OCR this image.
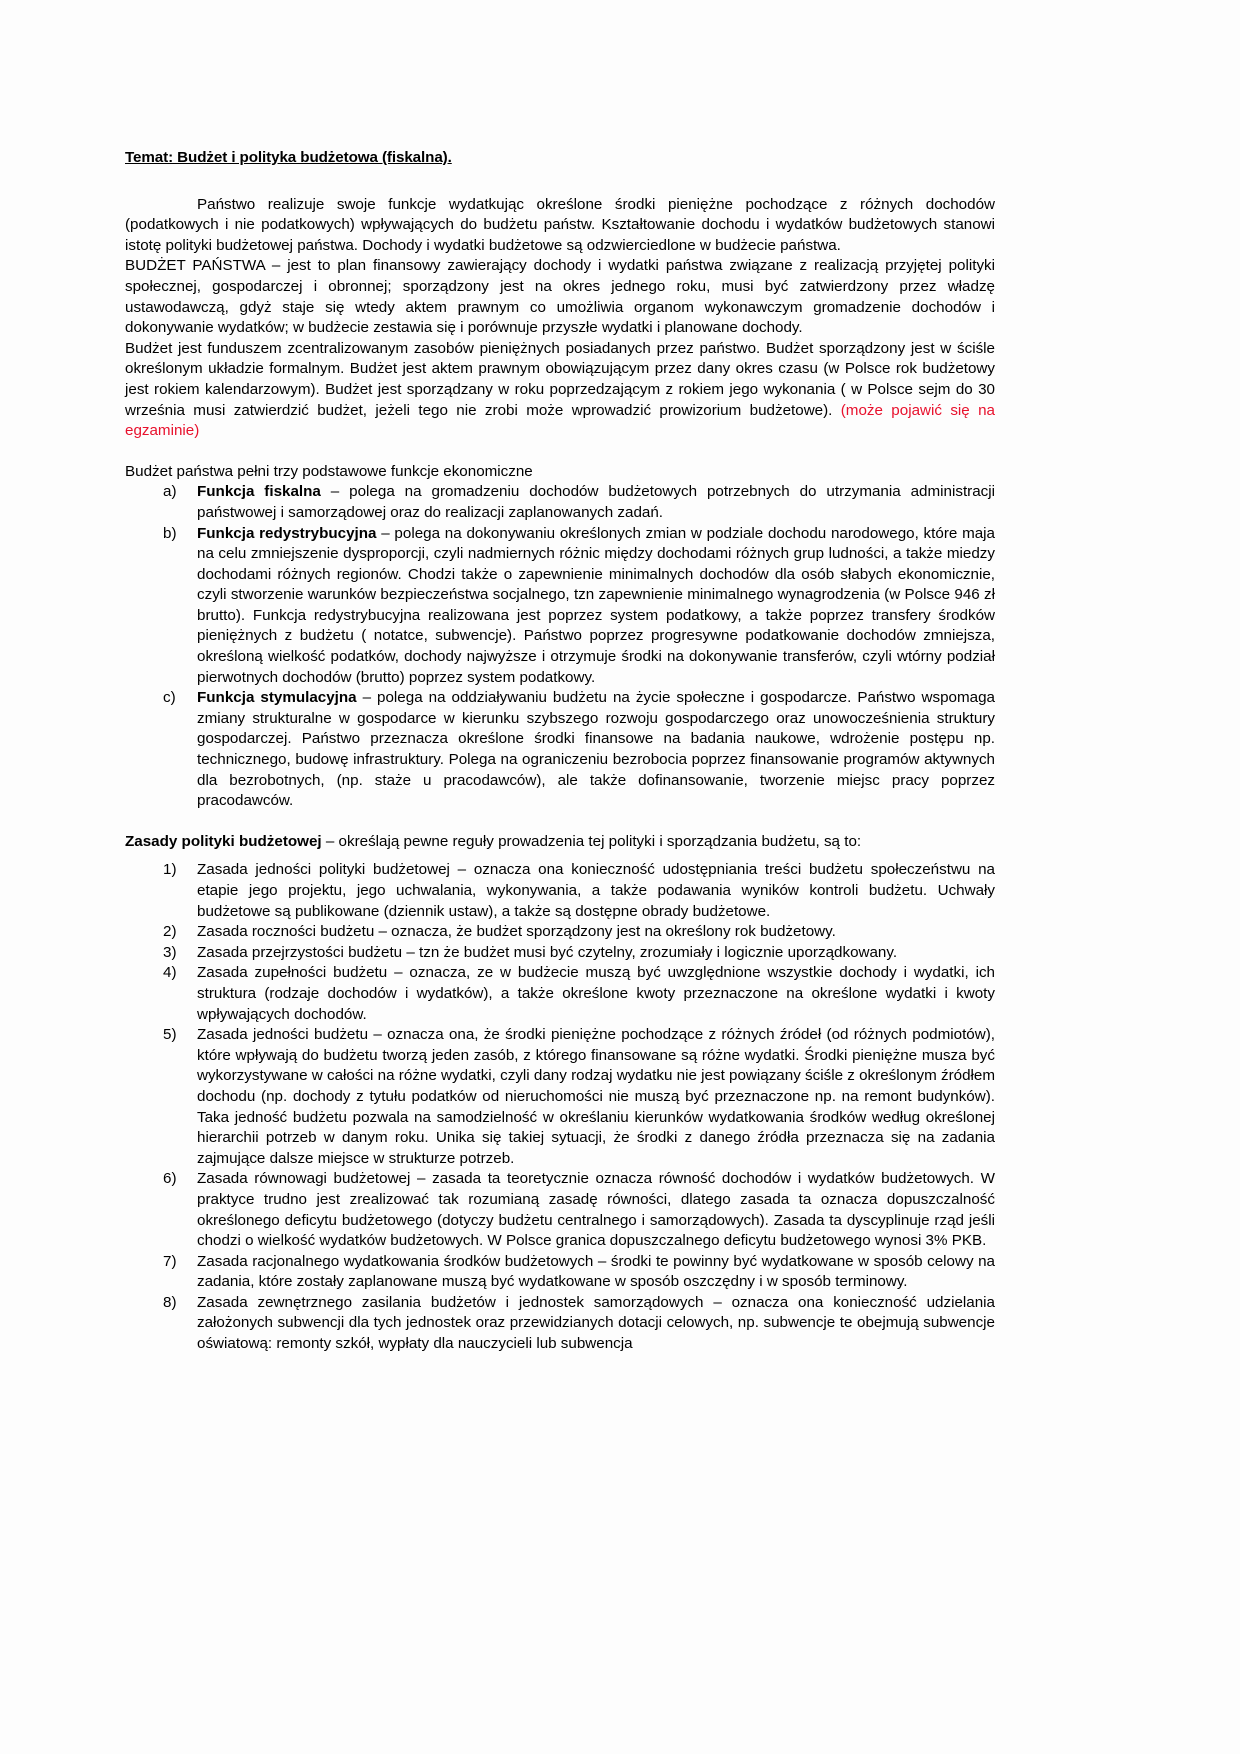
Temat: Budżet i polityka budżetowa (fiskalna).

Państwo realizuje swoje funkcje wydatkując określone środki pieniężne pochodzące z różnych dochodów (podatkowych i nie podatkowych) wpływających do budżetu państw. Kształtowanie dochodu i wydatków budżetowych stanowi istotę polityki budżetowej państwa. Dochody i wydatki budżetowe są odzwierciedlone w budżecie państwa.

BUDŻET PAŃSTWA – jest to plan finansowy zawierający dochody i wydatki państwa związane z realizacją przyjętej polityki społecznej, gospodarczej i obronnej; sporządzony jest na okres jednego roku, musi być zatwierdzony przez władzę ustawodawczą, gdyż staje się wtedy aktem prawnym co umożliwia organom wykonawczym gromadzenie dochodów i dokonywanie wydatków; w budżecie zestawia się i porównuje przyszłe wydatki i planowane dochody.

Budżet jest funduszem zcentralizowanym zasobów pieniężnych posiadanych przez państwo. Budżet sporządzony jest w ściśle określonym układzie formalnym. Budżet jest aktem prawnym obowiązującym przez dany okres czasu (w Polsce rok budżetowy jest rokiem kalendarzowym). Budżet jest sporządzany w roku poprzedzającym z rokiem jego wykonania ( w Polsce sejm do 30 września musi zatwierdzić budżet, jeżeli tego nie zrobi może wprowadzić prowizorium budżetowe). (może pojawić się na egzaminie)

Budżet państwa pełni trzy podstawowe funkcje ekonomiczne

a)	Funkcja fiskalna – polega na gromadzeniu dochodów budżetowych potrzebnych do utrzymania administracji państwowej i samorządowej oraz do realizacji zaplanowanych zadań.
b)	Funkcja redystrybucyjna – polega na dokonywaniu określonych zmian w podziale dochodu narodowego, które maja na celu zmniejszenie dysproporcji, czyli nadmiernych różnic między dochodami różnych grup ludności, a także miedzy dochodami różnych regionów. Chodzi także o zapewnienie minimalnych dochodów dla osób słabych ekonomicznie, czyli stworzenie warunków bezpieczeństwa socjalnego, tzn zapewnienie minimalnego wynagrodzenia (w Polsce 946 zł brutto). Funkcja redystrybucyjna realizowana jest poprzez system podatkowy, a także poprzez transfery środków pieniężnych z budżetu ( notatce, subwencje). Państwo poprzez progresywne podatkowanie dochodów zmniejsza, określoną wielkość podatków, dochody najwyższe i otrzymuje środki na dokonywanie transferów, czyli wtórny podział pierwotnych dochodów (brutto) poprzez system podatkowy.
c)	Funkcja stymulacyjna – polega na oddziaływaniu budżetu na życie społeczne i gospodarcze. Państwo wspomaga zmiany strukturalne w gospodarce w kierunku szybszego rozwoju gospodarczego oraz unowocześnienia struktury gospodarczej. Państwo przeznacza określone środki finansowe na badania naukowe, wdrożenie postępu np. technicznego, budowę infrastruktury. Polega na ograniczeniu bezrobocia poprzez finansowanie programów aktywnych dla bezrobotnych, (np. staże u pracodawców), ale także dofinansowanie, tworzenie miejsc pracy poprzez pracodawców.

Zasady polityki budżetowej – określają pewne reguły prowadzenia tej polityki i sporządzania budżetu, są to:

1)	Zasada jedności polityki budżetowej – oznacza ona konieczność udostępniania treści budżetu społeczeństwu na etapie jego projektu, jego uchwalania, wykonywania, a także podawania wyników kontroli budżetu. Uchwały budżetowe są publikowane (dziennik ustaw), a także są dostępne obrady budżetowe.
2)	Zasada roczności budżetu – oznacza, że budżet sporządzony jest na określony rok budżetowy.
3)	Zasada przejrzystości budżetu – tzn że budżet musi być czytelny, zrozumiały i logicznie uporządkowany.
4)	Zasada zupełności budżetu – oznacza, ze w budżecie muszą być uwzględnione wszystkie dochody i wydatki, ich struktura (rodzaje dochodów i wydatków), a także określone kwoty przeznaczone na określone wydatki i kwoty wpływających dochodów.
5)	Zasada jedności budżetu – oznacza ona, że środki pieniężne pochodzące z różnych źródeł (od różnych podmiotów), które wpływają do budżetu tworzą jeden zasób, z którego finansowane są różne wydatki. Środki pieniężne musza być wykorzystywane w całości na różne wydatki, czyli dany rodzaj wydatku nie jest powiązany ściśle z określonym źródłem dochodu (np. dochody z tytułu podatków od nieruchomości nie muszą być przeznaczone np. na remont budynków). Taka jedność budżetu pozwala na samodzielność w określaniu kierunków wydatkowania środków według określonej hierarchii potrzeb w danym roku. Unika się takiej sytuacji, że środki z danego źródła przeznacza się na zadania zajmujące dalsze miejsce w strukturze potrzeb.
6)	Zasada równowagi budżetowej – zasada ta teoretycznie oznacza równość dochodów i wydatków budżetowych. W praktyce trudno jest zrealizować tak rozumianą zasadę równości, dlatego zasada ta oznacza dopuszczalność określonego deficytu budżetowego (dotyczy budżetu centralnego i samorządowych). Zasada ta dyscyplinuje rząd jeśli chodzi o wielkość wydatków budżetowych. W Polsce granica dopuszczalnego deficytu budżetowego wynosi 3% PKB.
7)	Zasada racjonalnego wydatkowania środków budżetowych – środki te powinny być wydatkowane w sposób celowy na zadania, które zostały zaplanowane muszą być wydatkowane w sposób oszczędny i w sposób terminowy.
8)	Zasada zewnętrznego zasilania budżetów i jednostek samorządowych – oznacza ona konieczność udzielania założonych subwencji dla tych jednostek oraz przewidzianych dotacji celowych, np. subwencje te obejmują subwencje oświatową: remonty szkół, wypłaty dla nauczycieli lub subwencja
